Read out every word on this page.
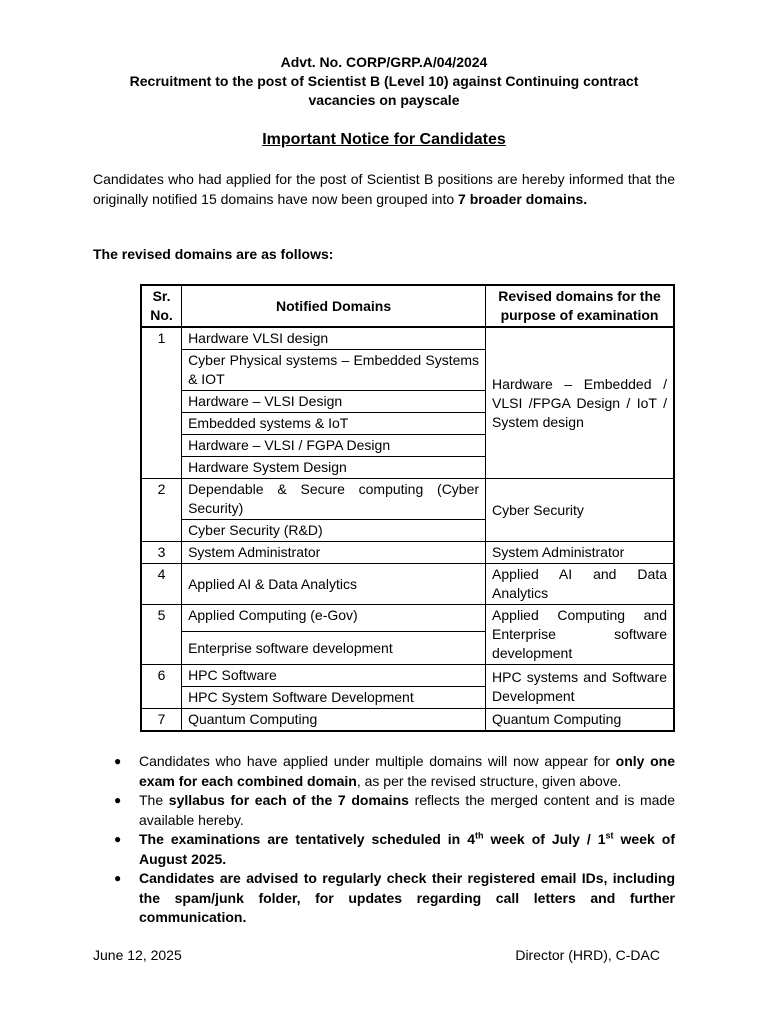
Advt. No. CORP/GRP.A/04/2024
Recruitment to the post of Scientist B (Level 10) against Continuing contract
vacancies on payscale
Important Notice for Candidates
Candidates who had applied for the post of Scientist B positions are hereby informed that the originally notified 15 domains have now been grouped into 7 broader domains.
The revised domains are as follows:
Sr. No.	Notified Domains	Revised domains for the purpose of examination
1	Hardware VLSI design	Hardware – Embedded / VLSI /FPGA Design / IoT / System design
	Cyber Physical systems – Embedded Systems & IOT	
	Hardware – VLSI Design	
	Embedded systems & IoT	
	Hardware – VLSI / FGPA Design	
	Hardware System Design	
2	Dependable & Secure computing (Cyber Security)	Cyber Security
	Cyber Security (R&D)	
3	System Administrator	System Administrator
4	Applied AI & Data Analytics	Applied AI and Data Analytics
5	Applied Computing (e-Gov)	Applied Computing and Enterprise software development
	Enterprise software development	
6	HPC Software	HPC systems and Software Development
	HPC System Software Development	
7	Quantum Computing	Quantum Computing
● Candidates who have applied under multiple domains will now appear for only one exam for each combined domain, as per the revised structure, given above.
● The syllabus for each of the 7 domains reflects the merged content and is made available hereby.
● The examinations are tentatively scheduled in 4th week of July / 1st week of August 2025.
● Candidates are advised to regularly check their registered email IDs, including the spam/junk folder, for updates regarding call letters and further communication.
June 12, 2025	Director (HRD), C-DAC
